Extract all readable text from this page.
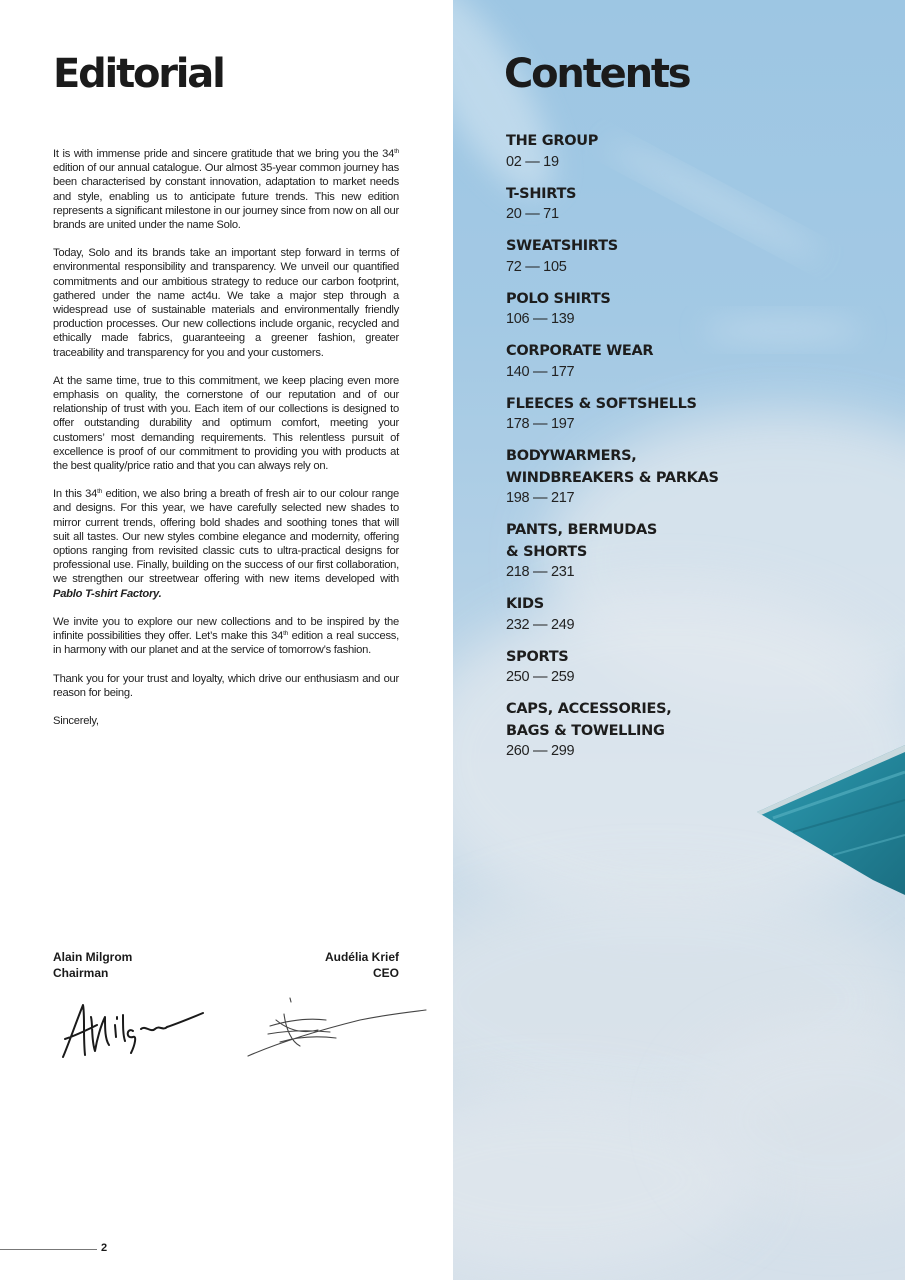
Editorial

It is with immense pride and sincere gratitude that we bring you the 34th edition of our annual catalogue. Our almost 35-year common journey has been characterised by constant innovation, adaptation to market needs and style, enabling us to anticipate future trends. This new edition represents a significant milestone in our journey since from now on all our brands are united under the name Solo.

Today, Solo and its brands take an important step forward in terms of environmental responsibility and transparency. We unveil our quantified commitments and our ambitious strategy to reduce our carbon footprint, gathered under the name act4u. We take a major step through a widespread use of sustainable materials and environmentally friendly production processes. Our new collections include organic, recycled and ethically made fabrics, guaranteeing a greener fashion, greater traceability and transparency for you and your customers.

At the same time, true to this commitment, we keep placing even more emphasis on quality, the cornerstone of our reputation and of our relationship of trust with you. Each item of our collections is designed to offer outstanding durability and optimum comfort, meeting your customers’ most demanding requirements. This relentless pursuit of excellence is proof of our commitment to providing you with products at the best quality/price ratio and that you can always rely on.

In this 34th edition, we also bring a breath of fresh air to our colour range and designs. For this year, we have carefully selected new shades to mirror current trends, offering bold shades and soothing tones that will suit all tastes. Our new styles combine elegance and modernity, offering options ranging from revisited classic cuts to ultra-practical designs for professional use. Finally, building on the success of our first collaboration, we strengthen our streetwear offering with new items developed with Pablo T-shirt Factory.

We invite you to explore our new collections and to be inspired by the infinite possibilities they offer. Let’s make this 34th edition a real success, in harmony with our planet and at the service of tomorrow’s fashion.

Thank you for your trust and loyalty, which drive our enthusiasm and our reason for being.

Sincerely,

Alain Milgrom
Chairman
Audélia Krief
CEO
2
Contents
THE GROUP
02 — 19
T-SHIRTS
20 — 71
SWEATSHIRTS
72 — 105
POLO SHIRTS
106 — 139
CORPORATE WEAR
140 — 177
FLEECES & SOFTSHELLS
178 — 197
BODYWARMERS,
WINDBREAKERS & PARKAS
198 — 217
PANTS, BERMUDAS
& SHORTS
218 — 231
KIDS
232 — 249
SPORTS
250 — 259
CAPS, ACCESSORIES,
BAGS & TOWELLING
260 — 299
